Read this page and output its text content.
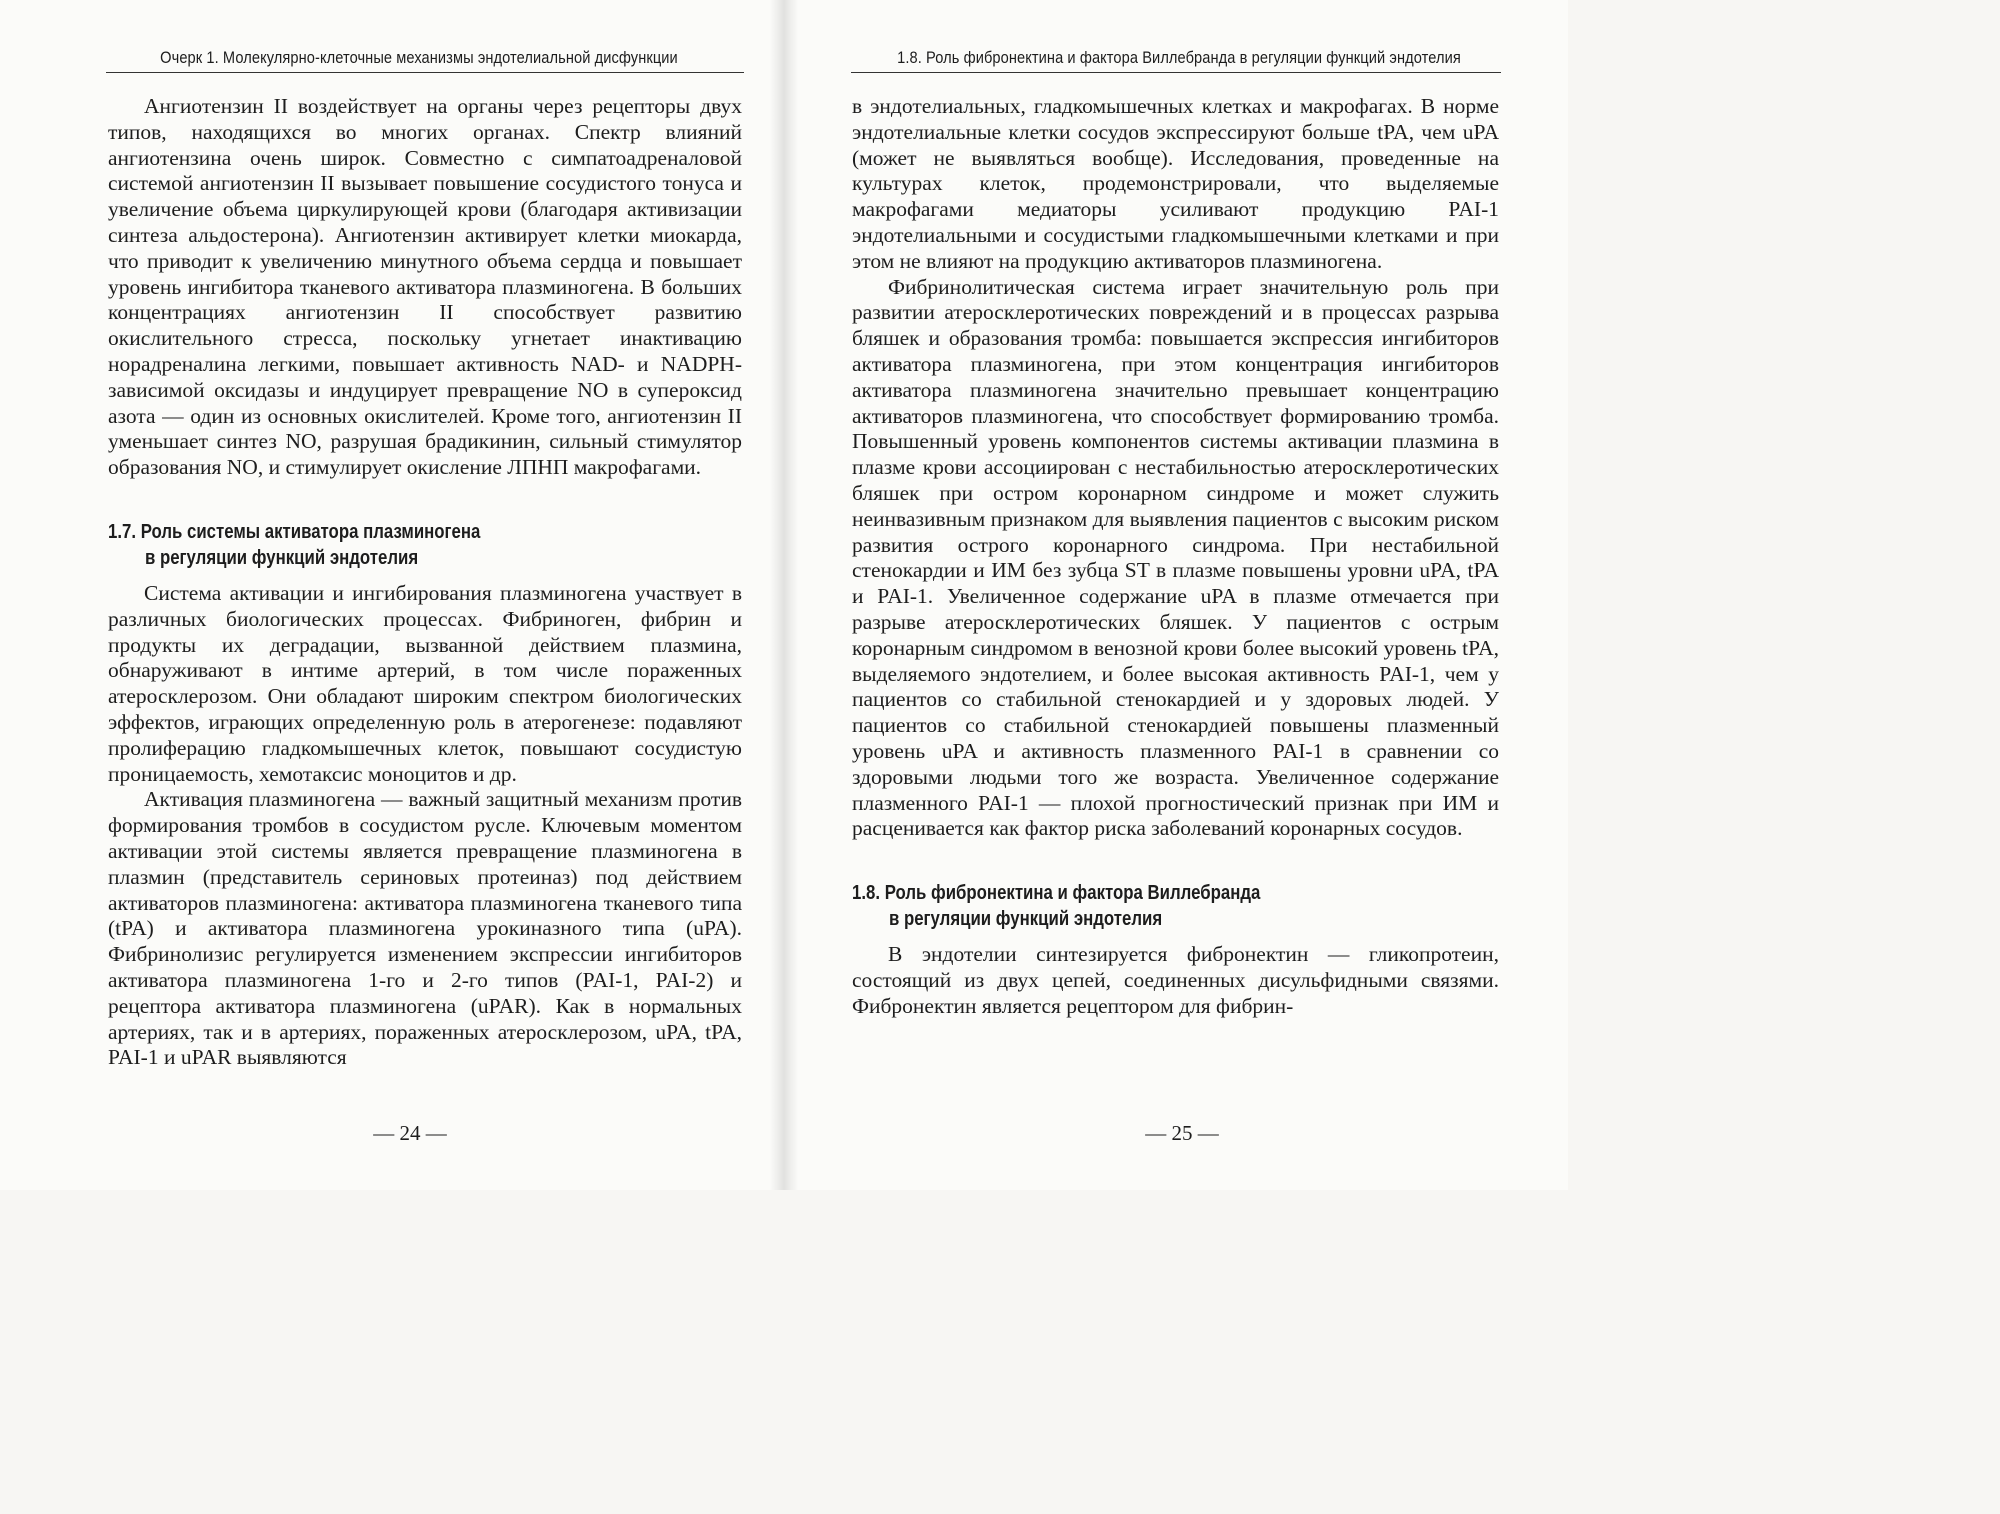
Очерк 1. Молекулярно-клеточные механизмы эндотелиальной дисфункции

Ангиотензин II воздействует на органы через рецепторы двух типов, находящихся во многих органах. Спектр влияний ангиотензина очень широк. Совместно с симпатоадреналовой системой ангиотензин II вызывает повышение сосудистого тонуса и увеличение объема циркулирующей крови (благодаря активизации синтеза альдостерона). Ангиотензин активирует клетки миокарда, что приводит к увеличению минутного объема сердца и повышает уровень ингибитора тканевого активатора плазминогена. В больших концентрациях ангиотензин II способствует развитию окислительного стресса, поскольку угнетает инактивацию норадреналина легкими, повышает активность NAD- и NADPH-зависимой оксидазы и индуцирует превращение NO в супероксид азота — один из основных окислителей. Кроме того, ангиотензин II уменьшает синтез NO, разрушая брадикинин, сильный стимулятор образования NO, и стимулирует окисление ЛПНП макрофагами.

1.7. Роль системы активатора плазминогена
в регуляции функций эндотелия

Система активации и ингибирования плазминогена участвует в различных биологических процессах. Фибриноген, фибрин и продукты их деградации, вызванной действием плазмина, обнаруживают в интиме артерий, в том числе пораженных атеросклерозом. Они обладают широким спектром биологических эффектов, играющих определенную роль в атерогенезе: подавляют пролиферацию гладкомышечных клеток, повышают сосудистую проницаемость, хемотаксис моноцитов и др.

Активация плазминогена — важный защитный механизм против формирования тромбов в сосудистом русле. Ключевым моментом активации этой системы является превращение плазминогена в плазмин (представитель сериновых протеиназ) под действием активаторов плазминогена: активатора плазминогена тканевого типа (tPA) и активатора плазминогена урокиназного типа (uPA). Фибринолизис регулируется изменением экспрессии ингибиторов активатора плазминогена 1-го и 2-го типов (PAI-1, PAI-2) и рецептора активатора плазминогена (uPAR). Как в нормальных артериях, так и в артериях, пораженных атеросклерозом, uPA, tPA, PAI-1 и uPAR выявляются

— 24 —
1.8. Роль фибронектина и фактора Виллебранда в регуляции функций эндотелия

в эндотелиальных, гладкомышечных клетках и макрофагах. В норме эндотелиальные клетки сосудов экспрессируют больше tPA, чем uPA (может не выявляться вообще). Исследования, проведенные на культурах клеток, продемонстрировали, что выделяемые макрофагами медиаторы усиливают продукцию PAI-1 эндотелиальными и сосудистыми гладкомышечными клетками и при этом не влияют на продукцию активаторов плазминогена.

Фибринолитическая система играет значительную роль при развитии атеросклеротических повреждений и в процессах разрыва бляшек и образования тромба: повышается экспрессия ингибиторов активатора плазминогена, при этом концентрация ингибиторов активатора плазминогена значительно превышает концентрацию активаторов плазминогена, что способствует формированию тромба. Повышенный уровень компонентов системы активации плазмина в плазме крови ассоциирован с нестабильностью атеросклеротических бляшек при остром коронарном синдроме и может служить неинвазивным признаком для выявления пациентов с высоким риском развития острого коронарного синдрома. При нестабильной стенокардии и ИМ без зубца ST в плазме повышены уровни uPA, tPA и PAI-1. Увеличенное содержание uPA в плазме отмечается при разрыве атеросклеротических бляшек. У пациентов с острым коронарным синдромом в венозной крови более высокий уровень tPA, выделяемого эндотелием, и более высокая активность PAI-1, чем у пациентов со стабильной стенокардией и у здоровых людей. У пациентов со стабильной стенокардией повышены плазменный уровень uPA и активность плазменного PAI-1 в сравнении со здоровыми людьми того же возраста. Увеличенное содержание плазменного PAI-1 — плохой прогностический признак при ИМ и расценивается как фактор риска заболеваний коронарных сосудов.

1.8. Роль фибронектина и фактора Виллебранда
в регуляции функций эндотелия

В эндотелии синтезируется фибронектин — гликопротеин, состоящий из двух цепей, соединенных дисульфидными связями. Фибронектин является рецептором для фибрин-

— 25 —
